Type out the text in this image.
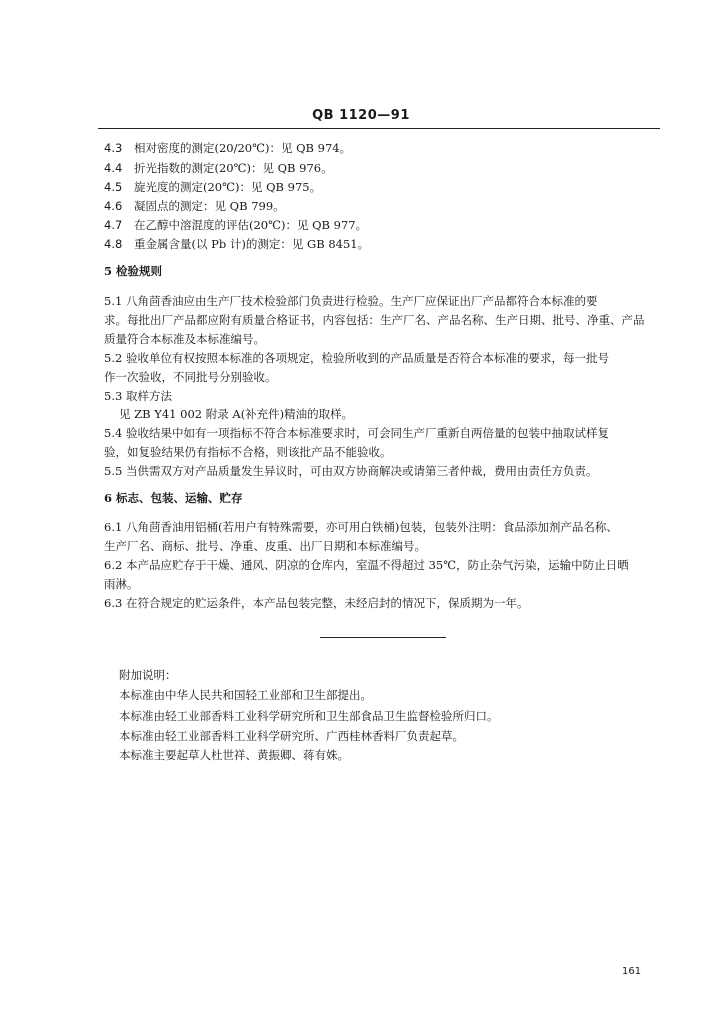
QB 1120—91
4.3 相对密度的测定(20/20℃)：见 QB 974。
4.4 折光指数的测定(20℃)：见 QB 976。
4.5 旋光度的测定(20℃)：见 QB 975。
4.6 凝固点的测定：见 QB 799。
4.7 在乙醇中溶混度的评估(20℃)：见 QB 977。
4.8 重金属含量(以 Pb 计)的测定：见 GB 8451。
5 检验规则
5.1 八角茴香油应由生产厂技术检验部门负责进行检验。生产厂应保证出厂产品都符合本标准的要
求。每批出厂产品都应附有质量合格证书，内容包括：生产厂名、产品名称、生产日期、批号、净重、产品
质量符合本标准及本标准编号。
5.2 验收单位有权按照本标准的各项规定，检验所收到的产品质量是否符合本标准的要求，每一批号
作一次验收，不同批号分别验收。
5.3 取样方法
见 ZB Y41 002 附录 A(补充件)精油的取样。
5.4 验收结果中如有一项指标不符合本标准要求时，可会同生产厂重新自两倍量的包装中抽取试样复
验，如复验结果仍有指标不合格，则该批产品不能验收。
5.5 当供需双方对产品质量发生异议时，可由双方协商解决或请第三者仲裁，费用由责任方负责。
6 标志、包装、运输、贮存
6.1 八角茴香油用铝桶(若用户有特殊需要，亦可用白铁桶)包装，包装外注明：食品添加剂产品名称、
生产厂名、商标、批号、净重、皮重、出厂日期和本标准编号。
6.2 本产品应贮存于干燥、通风、阴凉的仓库内，室温不得超过 35℃，防止杂气污染，运输中防止日晒
雨淋。
6.3 在符合规定的贮运条件，本产品包装完整，未经启封的情况下，保质期为一年。
附加说明：
本标准由中华人民共和国轻工业部和卫生部提出。
本标准由轻工业部香料工业科学研究所和卫生部食品卫生监督检验所归口。
本标准由轻工业部香料工业科学研究所、广西桂林香料厂负责起草。
本标准主要起草人杜世祥、黄振卿、蒋有姝。
161
